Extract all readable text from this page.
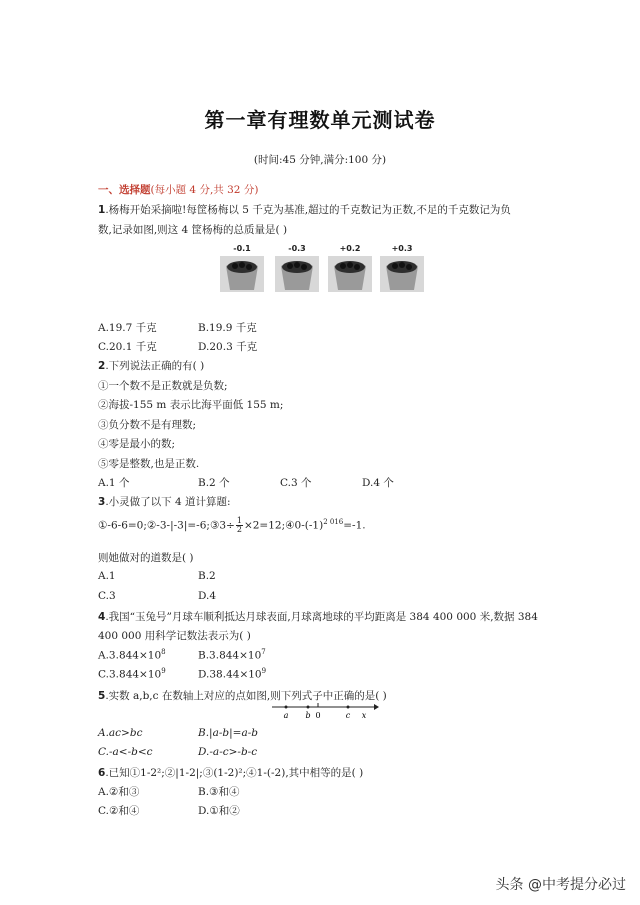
第一章有理数单元测试卷
(时间:45 分钟,满分:100 分)
一、选择题(每小题 4 分,共 32 分)
1.杨梅开始采摘啦!每筐杨梅以 5 千克为基准,超过的千克数记为正数,不足的千克数记为负
数,记录如图,则这 4 筐杨梅的总质量是( )
-0.1	-0.3	+0.2	+0.3
A.19.7 千克	B.19.9 千克
C.20.1 千克	D.20.3 千克
2.下列说法正确的有( )
①一个数不是正数就是负数;
②海拔-155 m 表示比海平面低 155 m;
③负分数不是有理数;
④零是最小的数;
⑤零是整数,也是正数.
A.1 个	B.2 个	C.3 个	D.4 个
3.小灵做了以下 4 道计算题:
①-6-6=0;②-3-|-3|=-6;③3÷ $\frac{1}{2}$ $\times 2=12;④0-(-1)^{2 016}=-1$.
则她做对的道数是( )
A.1	B.2
C.3	D.4
4.我国“玉兔号”月球车顺利抵达月球表面,月球离地球的平均距离是 384 400 000 米,数据 384
400 000 用科学记数法表示为( )
$A.3.844\times 10^8$	$B.3.844\times 10^7$
$C.3.844\times 10^9$	$D.38.44\times 10^9$
5.实数 a,b,c 在数轴上对应的点如图,则下列式子中正确的是( )
a b 0	c x
A.ac>bc	B.|a-b|=a-b
C.-a<-b<c	D.-a-c>-b-c
6.已知①1-2²;②|1-2|;③(1-2)²;④1-(-2),其中相等的是( )
A.②和③	B.③和④
C.②和④	D.①和②
头条 @中考提分必过
